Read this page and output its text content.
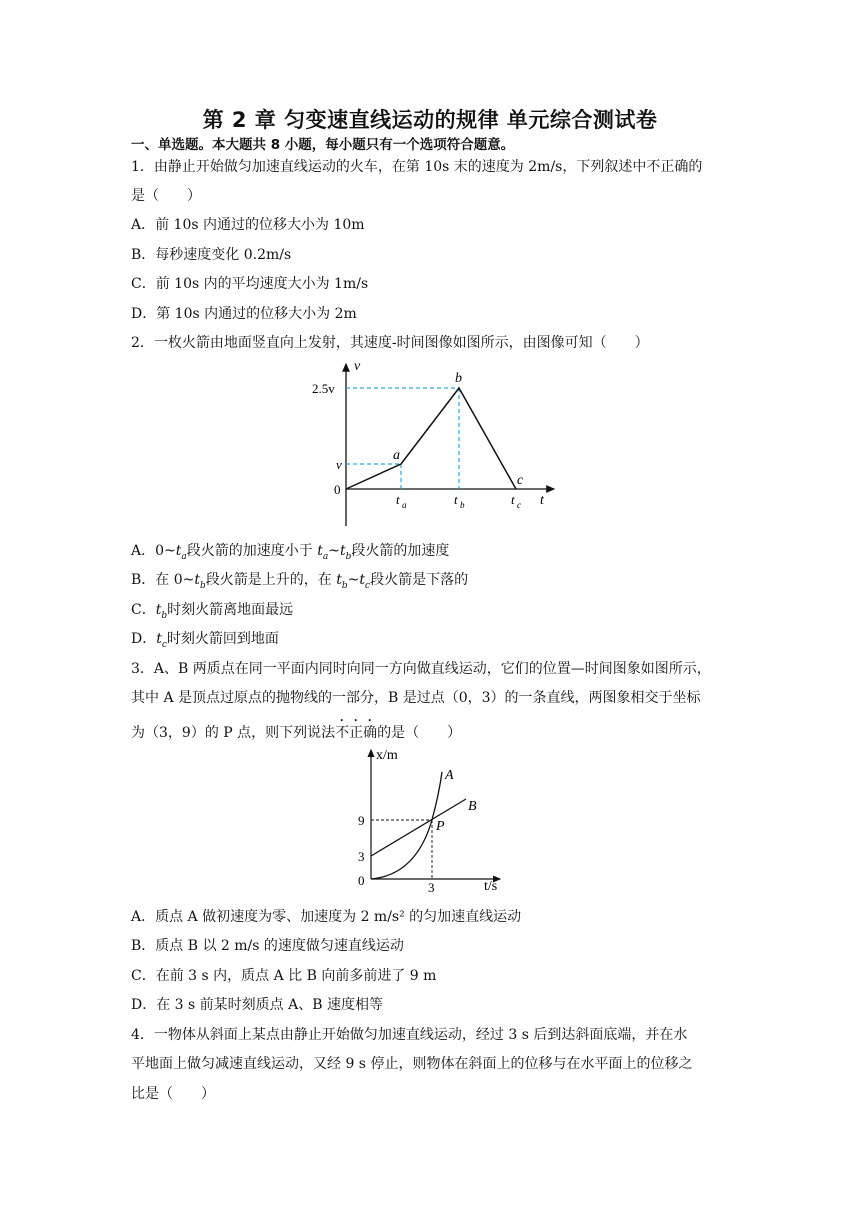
第 2 章 匀变速直线运动的规律 单元综合测试卷
一、单选题。本大题共 8 小题，每小题只有一个选项符合题意。
1．由静止开始做匀加速直线运动的火车，在第 10s 末的速度为 2m/s，下列叙述中不正确的
是（　　）
A．前 10s 内通过的位移大小为 10m
B．每秒速度变化 0.2m/s
C．前 10s 内的平均速度大小为 1m/s
D．第 10s 内通过的位移大小为 2m
2．一枚火箭由地面竖直向上发射，其速度-时间图像如图所示，由图像可知（　　）
v
t
0
2.5v
v
t a	t b	t c
a
b
c
A．$0\sim t_a$段火箭的加速度小于 $t_a\sim t_b$段火箭的加速度
B．在 $0\sim t_b$段火箭是上升的，在 $t_b\sim t_c$段火箭是下落的
C．$t_b$时刻火箭离地面最远
D．$t_c$时刻火箭回到地面
3．A、B 两质点在同一平面内同时向同一方向做直线运动，它们的位置—时间图象如图所示，
其中 A 是顶点过原点的抛物线的一部分，B 是过点（0，3）的一条直线，两图象相交于坐标
为（3，9）的 P 点，则下列说法不正确的是（　　）
x/m
t/s
0
9
3
3
A
B
P
A．质点 A 做初速度为零、加速度为 2 m/s² 的匀加速直线运动
B．质点 B 以 2 m/s 的速度做匀速直线运动
C．在前 3 s 内，质点 A 比 B 向前多前进了 9 m
D．在 3 s 前某时刻质点 A、B 速度相等
4．一物体从斜面上某点由静止开始做匀加速直线运动，经过 3 s 后到达斜面底端，并在水
平地面上做匀减速直线运动，又经 9 s 停止，则物体在斜面上的位移与在水平面上的位移之
比是（　　）
